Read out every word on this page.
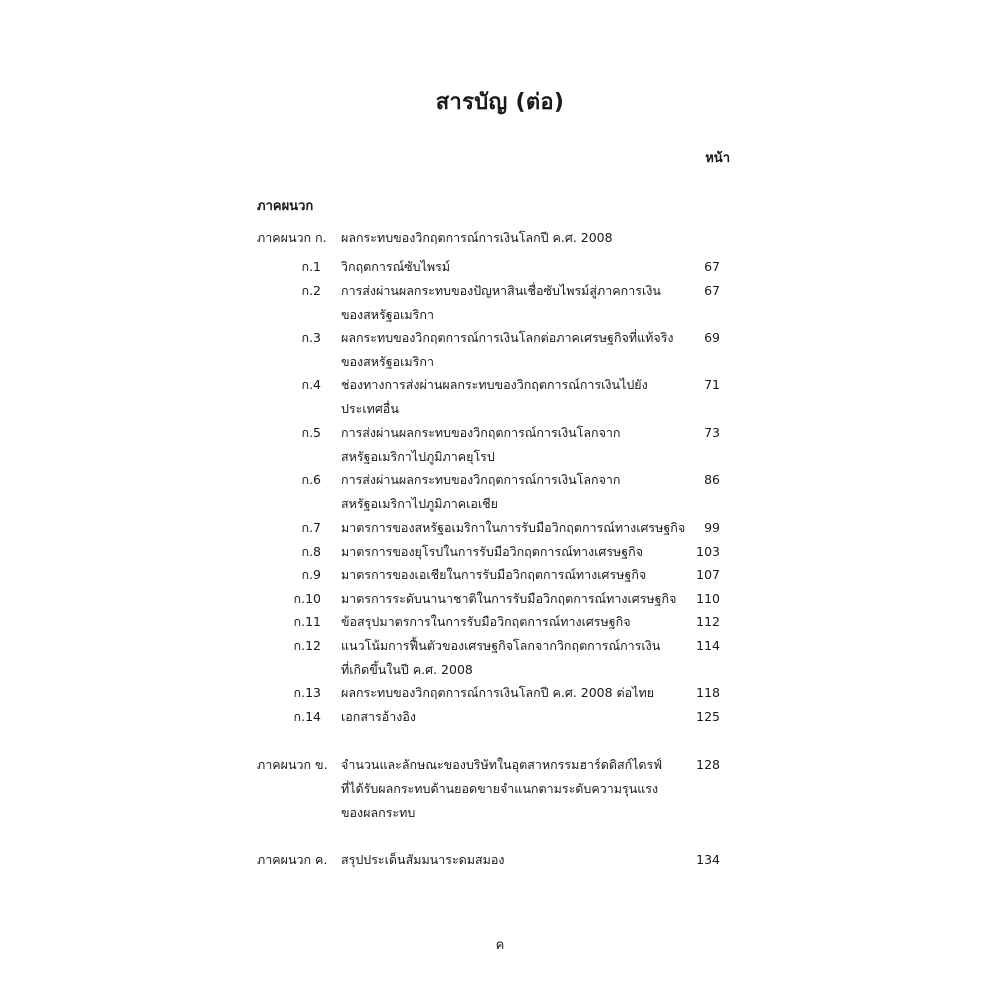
สารบัญ (ต่อ)
หน้า
ภาคผนวก
ภาคผนวก ก. ผลกระทบของวิกฤตการณ์การเงินโลกปี ค.ศ. 2008
ก.1 วิกฤตการณ์ซับไพรม์	67
ก.2 การส่งผ่านผลกระทบของปัญหาสินเชื่อซับไพรม์สู่ภาคการเงิน	67
ของสหรัฐอเมริกา
ก.3 ผลกระทบของวิกฤตการณ์การเงินโลกต่อภาคเศรษฐกิจที่แท้จริง	69
ของสหรัฐอเมริกา
ก.4 ช่องทางการส่งผ่านผลกระทบของวิกฤตการณ์การเงินไปยัง	71
ประเทศอื่น
ก.5 การส่งผ่านผลกระทบของวิกฤตการณ์การเงินโลกจาก	73
สหรัฐอเมริกาไปภูมิภาคยุโรป
ก.6 การส่งผ่านผลกระทบของวิกฤตการณ์การเงินโลกจาก	86
สหรัฐอเมริกาไปภูมิภาคเอเชีย
ก.7 มาตรการของสหรัฐอเมริกาในการรับมือวิกฤตการณ์ทางเศรษฐกิจ	99
ก.8 มาตรการของยุโรปในการรับมือวิกฤตการณ์ทางเศรษฐกิจ	103
ก.9 มาตรการของเอเชียในการรับมือวิกฤตการณ์ทางเศรษฐกิจ	107
ก.10 มาตรการระดับนานาชาติในการรับมือวิกฤตการณ์ทางเศรษฐกิจ	110
ก.11 ข้อสรุปมาตรการในการรับมือวิกฤตการณ์ทางเศรษฐกิจ	112
ก.12 แนวโน้มการฟื้นตัวของเศรษฐกิจโลกจากวิกฤตการณ์การเงิน	114
ที่เกิดขึ้นในปี ค.ศ. 2008
ก.13 ผลกระทบของวิกฤตการณ์การเงินโลกปี ค.ศ. 2008 ต่อไทย	118
ก.14 เอกสารอ้างอิง	125
ภาคผนวก ข. จำนวนและลักษณะของบริษัทในอุตสาหกรรมฮาร์ดดิสก์ไดรฟ์	128
ที่ได้รับผลกระทบด้านยอดขายจำแนกตามระดับความรุนแรง
ของผลกระทบ
ภาคผนวก ค. สรุปประเด็นสัมมนาระดมสมอง	134
ค
